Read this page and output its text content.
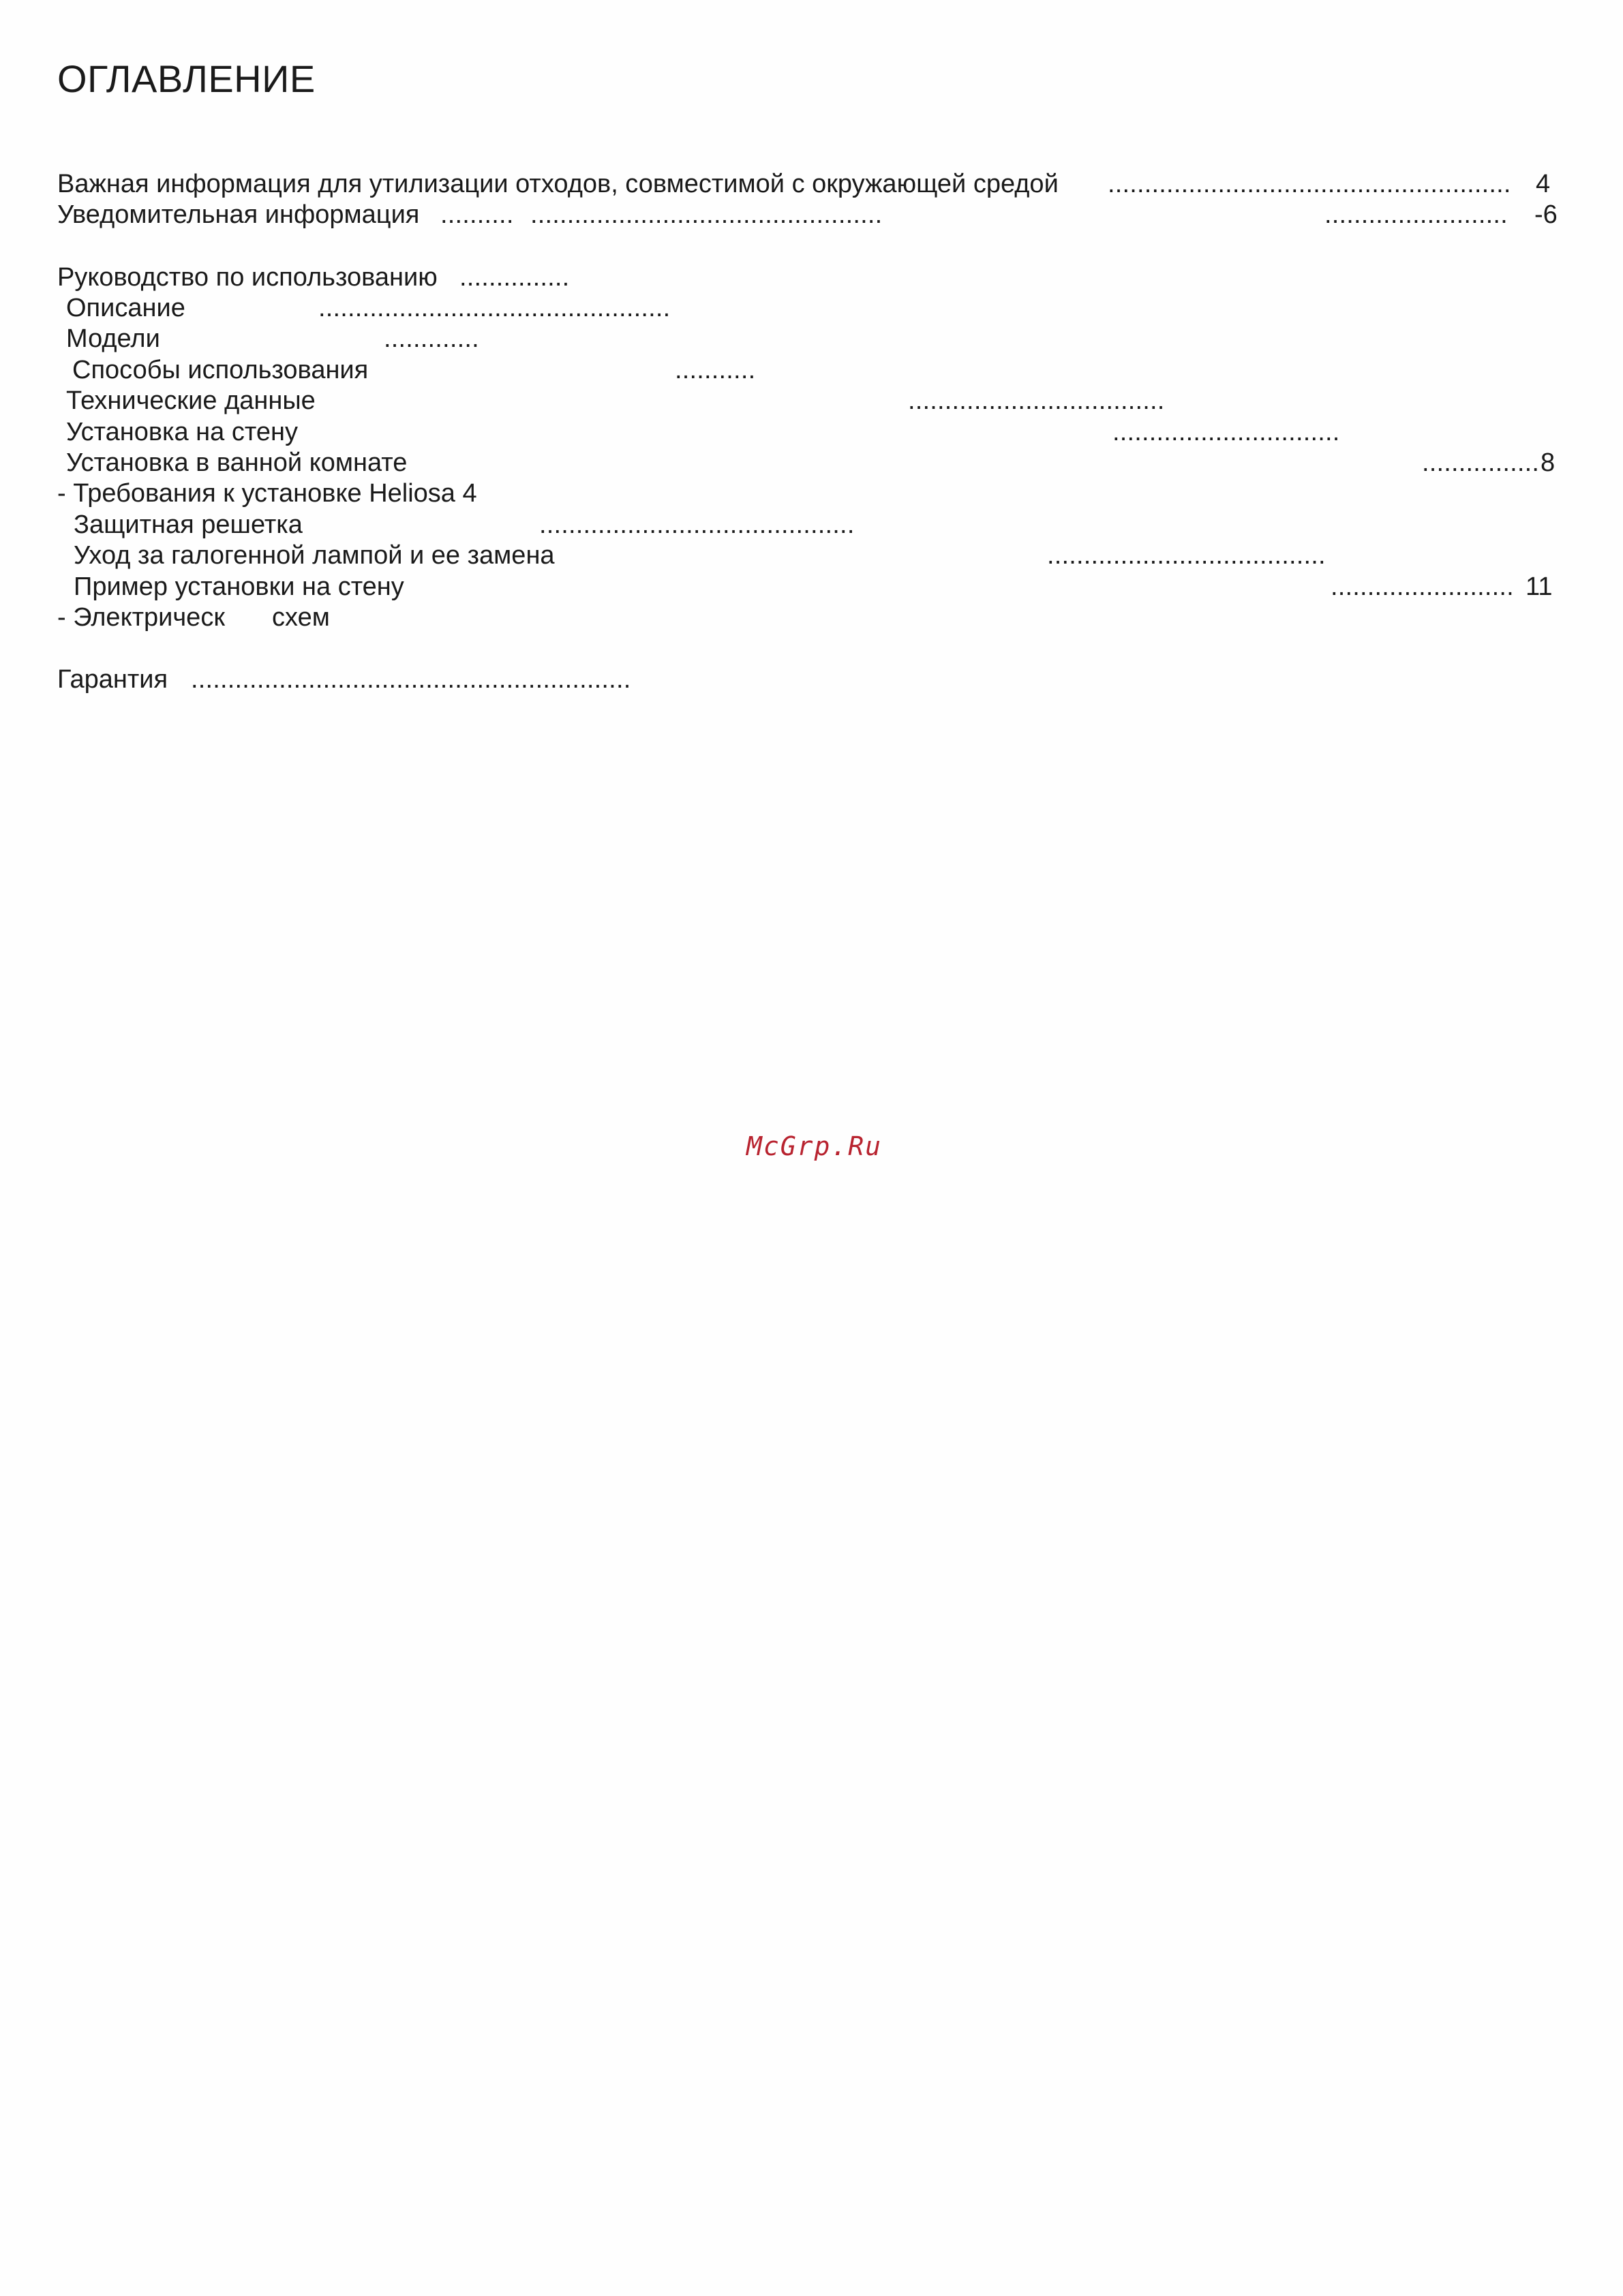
ОГЛАВЛЕНИЕ
Важная информация для утилизации отходов, совместимой с окружающей средой ....................................................... 4
Уведомительная информация .......... ................................................	......................... -6
Руководство по использованию ...............
Описание	................................................
Модели	.............
Способы использования	...........
Технические данные	...................................
Установка на стену	...............................
Установка в ванной комнате	................ 8
- Требования к установке Heliosa 4
Защитная решетка	...........................................
Уход за галогенной лампой и ее замена	......................................
Пример установки на стену	......................... 11
- Электрическ схем
Гарантия ............................................................
McGrp.Ru
